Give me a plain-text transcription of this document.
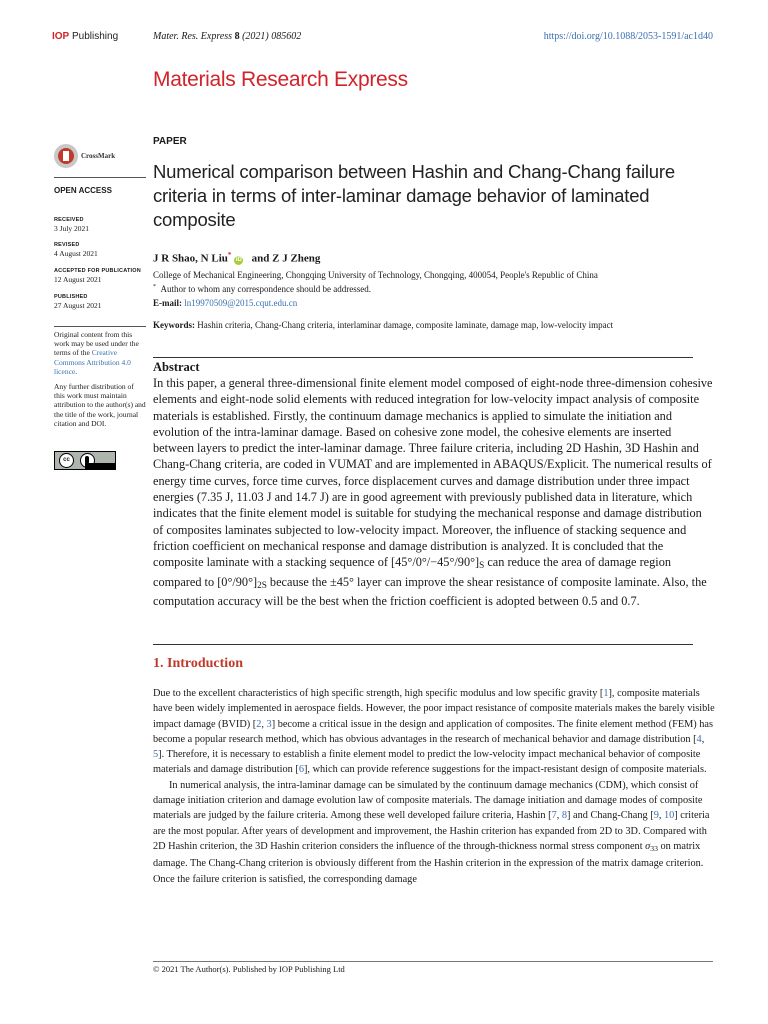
IOP Publishing	Mater. Res. Express 8 (2021) 085602	https://doi.org/10.1088/2053-1591/ac1d40
Materials Research Express
CrossMark
OPEN ACCESS
RECEIVED
3 July 2021
REVISED
4 August 2021
ACCEPTED FOR PUBLICATION
12 August 2021
PUBLISHED
27 August 2021
Original content from this work may be used under the terms of the Creative Commons Attribution 4.0 licence.
Any further distribution of this work must maintain attribution to the author(s) and the title of the work, journal citation and DOI.
cc
PAPER
Numerical comparison between Hashin and Chang-Chang failure criteria in terms of inter-laminar damage behavior of laminated composite
J R Shao, N Liu*iD and Z J Zheng
College of Mechanical Engineering, Chongqing University of Technology, Chongqing, 400054, People's Republic of China
* Author to whom any correspondence should be addressed.
E-mail: ln19970509@2015.cqut.edu.cn
Keywords: Hashin criteria, Chang-Chang criteria, interlaminar damage, composite laminate, damage map, low-velocity impact
Abstract
In this paper, a general three-dimensional finite element model composed of eight-node three-dimension cohesive elements and eight-node solid elements with reduced integration for low-velocity impact analysis of composite materials is established. Firstly, the continuum damage mechanics is applied to simulate the initiation and evolution of the intra-laminar damage. Based on cohesive zone model, the cohesive elements are inserted between layers to predict the inter-laminar damage. Three failure criteria, including 2D Hashin, 3D Hashin and Chang-Chang criteria, are coded in VUMAT and are implemented in ABAQUS/Explicit. The numerical results of energy time curves, force time curves, force displacement curves and damage distribution under three impact energies (7.35 J, 11.03 J and 14.7 J) are in good agreement with previously published data in literature, which indicates that the finite element model is suitable for studying the mechanical response and damage distribution of composites laminates subjected to low-velocity impact. Moreover, the influence of stacking sequence and friction coefficient on mechanical response and damage distribution is analyzed. It is concluded that the composite laminate with a stacking sequence of $[45^\circ/0^\circ/-45^\circ/90^\circ]_S$ can reduce the area of damage region compared to $[0^\circ/90^\circ]_{2S}$ because the ±45° layer can improve the shear resistance of composite laminate. Also, the computation accuracy will be the best when the friction coefficient is adopted between 0.5 and 0.7.
1. Introduction

Due to the excellent characteristics of high specific strength, high specific modulus and low specific gravity [1], composite materials have been widely implemented in aerospace fields. However, the poor impact resistance of composite materials makes the barely visible impact damage (BVID) [2, 3] become a critical issue in the design and application of composites. The finite element method (FEM) has become a popular research method, which has obvious advantages in the research of mechanical behavior and damage distribution [4, 5]. Therefore, it is necessary to establish a finite element model to predict the low-velocity impact mechanical behavior of composite materials and damage distribution [6], which can provide reference suggestions for the impact-resistant design of composite materials.

In numerical analysis, the intra-laminar damage can be simulated by the continuum damage mechanics (CDM), which consist of damage initiation criterion and damage evolution law of composite materials. The damage initiation and damage modes of composite materials are judged by the failure criteria. Among these well developed failure criteria, Hashin [7, 8] and Chang-Chang [9, 10] criteria are the most popular. After years of development and improvement, the Hashin criterion has expanded from 2D to 3D. Compared with 2D Hashin criterion, the 3D Hashin criterion considers the influence of the through-thickness normal stress component $\sigma_{33}$ on matrix damage. The Chang-Chang criterion is obviously different from the Hashin criterion in the expression of the matrix damage criterion. Once the failure criterion is satisfied, the corresponding damage

© 2021 The Author(s). Published by IOP Publishing Ltd
